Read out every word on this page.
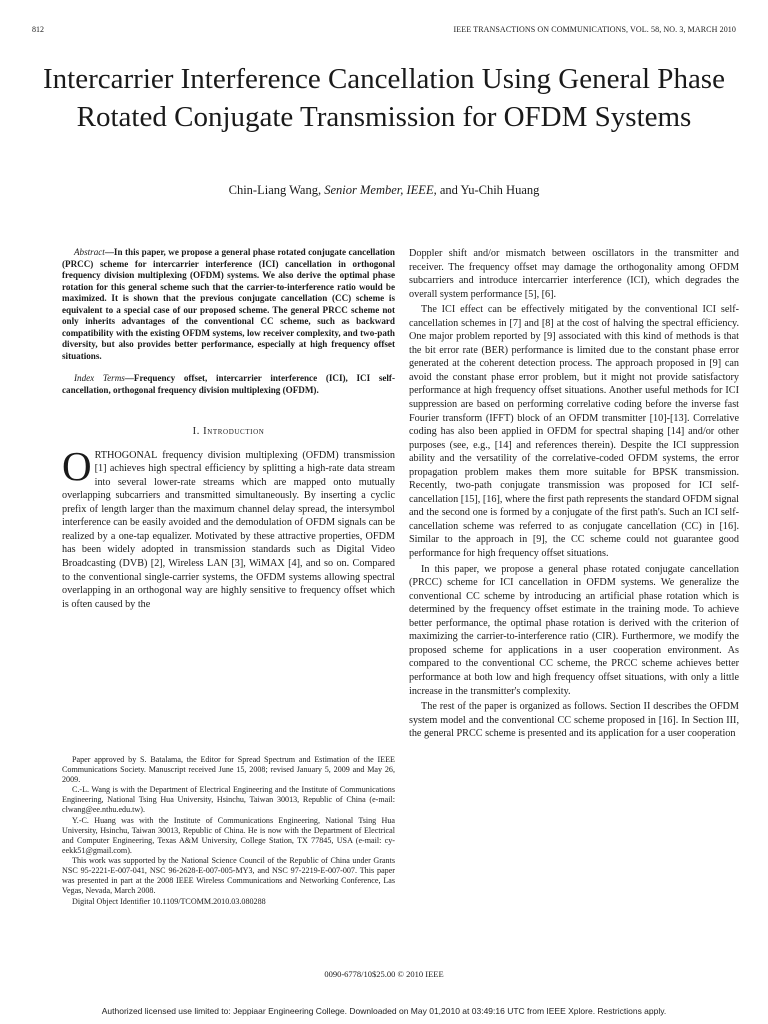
812	IEEE TRANSACTIONS ON COMMUNICATIONS, VOL. 58, NO. 3, MARCH 2010
Intercarrier Interference Cancellation Using General Phase Rotated Conjugate Transmission for OFDM Systems
Chin-Liang Wang, Senior Member, IEEE, and Yu-Chih Huang

Abstract—In this paper, we propose a general phase rotated conjugate cancellation (PRCC) scheme for intercarrier interference (ICI) cancellation in orthogonal frequency division multiplexing (OFDM) systems. We also derive the optimal phase rotation for this general scheme such that the carrier-to-interference ratio would be maximized. It is shown that the previous conjugate cancellation (CC) scheme is equivalent to a special case of our proposed scheme. The general PRCC scheme not only inherits advantages of the conventional CC scheme, such as backward compatibility with the existing OFDM systems, low receiver complexity, and two-path diversity, but also provides better performance, especially at high frequency offset situations.

Index Terms—Frequency offset, intercarrier interference (ICI), ICI self-cancellation, orthogonal frequency division multiplexing (OFDM).

I. Introduction

ORTHOGONAL frequency division multiplexing (OFDM) transmission [1] achieves high spectral efficiency by splitting a high-rate data stream into several lower-rate streams which are mapped onto mutually overlapping subcarriers and transmitted simultaneously. By inserting a cyclic prefix of length larger than the maximum channel delay spread, the intersymbol interference can be easily avoided and the demodulation of OFDM signals can be realized by a one-tap equalizer. Motivated by these attractive properties, OFDM has been widely adopted in transmission standards such as Digital Video Broadcasting (DVB) [2], Wireless LAN [3], WiMAX [4], and so on. Compared to the conventional single-carrier systems, the OFDM systems allowing spectral overlapping in an orthogonal way are highly sensitive to frequency offset which is often caused by the

Doppler shift and/or mismatch between oscillators in the transmitter and receiver. The frequency offset may damage the orthogonality among OFDM subcarriers and introduce intercarrier interference (ICI), which degrades the overall system performance [5], [6].

The ICI effect can be effectively mitigated by the conventional ICI self-cancellation schemes in [7] and [8] at the cost of halving the spectral efficiency. One major problem reported by [9] associated with this kind of methods is that the bit error rate (BER) performance is limited due to the constant phase error generated at the coherent detection process. The approach proposed in [9] can avoid the constant phase error problem, but it might not provide satisfactory performance at high frequency offset situations. Another useful methods for ICI suppression are based on performing correlative coding before the inverse fast Fourier transform (IFFT) block of an OFDM transmitter [10]-[13]. Correlative coding has also been applied in OFDM for spectral shaping [14] and/or other purposes (see, e.g., [14] and references therein). Despite the ICI suppression ability and the versatility of the correlative-coded OFDM systems, the error propagation problem makes them more suitable for BPSK transmission. Recently, two-path conjugate transmission was proposed for ICI self-cancellation [15], [16], where the first path represents the standard OFDM signal and the second one is formed by a conjugate of the first path's. Such an ICI self-cancellation scheme was referred to as conjugate cancellation (CC) in [16]. Similar to the approach in [9], the CC scheme could not guarantee good performance for high frequency offset situations.

In this paper, we propose a general phase rotated conjugate cancellation (PRCC) scheme for ICI cancellation in OFDM systems. We generalize the conventional CC scheme by introducing an artificial phase rotation which is determined by the frequency offset estimate in the training mode. To achieve better performance, the optimal phase rotation is derived with the criterion of maximizing the carrier-to-interference ratio (CIR). Furthermore, we modify the proposed scheme for applications in a user cooperation environment. As compared to the conventional CC scheme, the PRCC scheme achieves better performance at both low and high frequency offset situations, with only a little increase in the transmitter's complexity.

The rest of the paper is organized as follows. Section II describes the OFDM system model and the conventional CC scheme proposed in [16]. In Section III, the general PRCC scheme is presented and its application for a user cooperation

Paper approved by S. Batalama, the Editor for Spread Spectrum and Estimation of the IEEE Communications Society. Manuscript received June 15, 2008; revised January 5, 2009 and May 26, 2009.

C.-L. Wang is with the Department of Electrical Engineering and the Institute of Communications Engineering, National Tsing Hua University, Hsinchu, Taiwan 30013, Republic of China (e-mail: clwang@ee.nthu.edu.tw).

Y.-C. Huang was with the Institute of Communications Engineering, National Tsing Hua University, Hsinchu, Taiwan 30013, Republic of China. He is now with the Department of Electrical and Computer Engineering, Texas A&M University, College Station, TX 77845, USA (e-mail: cy-eekk51@gmail.com).

This work was supported by the National Science Council of the Republic of China under Grants NSC 95-2221-E-007-041, NSC 96-2628-E-007-005-MY3, and NSC 97-2219-E-007-007. This paper was presented in part at the 2008 IEEE Wireless Communications and Networking Conference, Las Vegas, Nevada, March 2008.

Digital Object Identifier 10.1109/TCOMM.2010.03.080288

0090-6778/10$25.00 © 2010 IEEE
Authorized licensed use limited to: Jeppiaar Engineering College. Downloaded on May 01,2010 at 03:49:16 UTC from IEEE Xplore. Restrictions apply.
